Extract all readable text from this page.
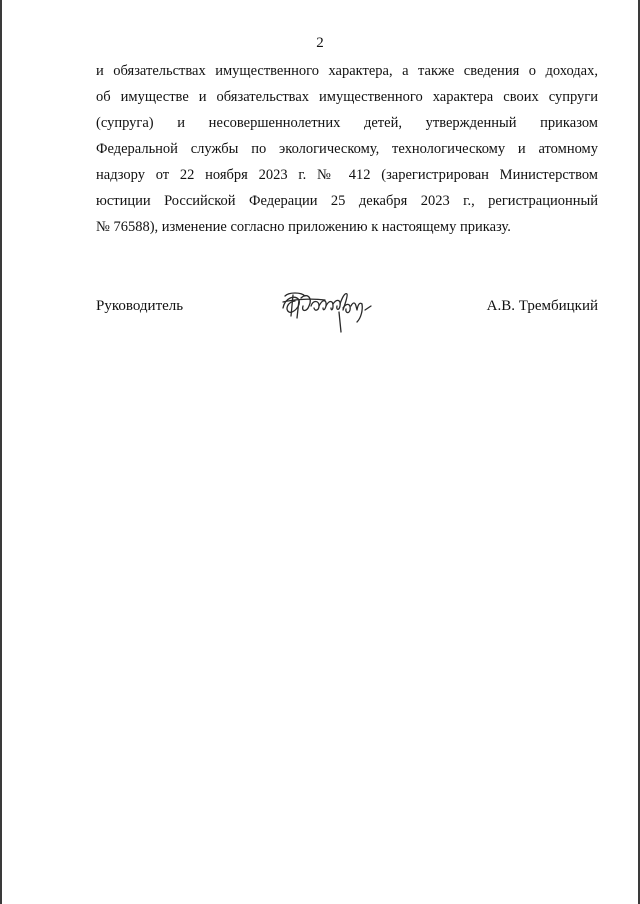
2
и обязательствах имущественного характера, а также сведения о доходах,
об имуществе и обязательствах имущественного характера своих супруги
(супруга) и несовершеннолетних детей, утвержденный приказом
Федеральной службы по экологическому, технологическому и атомному
надзору от 22 ноября 2023 г. № 412 (зарегистрирован Министерством
юстиции Российской Федерации 25 декабря 2023 г., регистрационный
№ 76588), изменение согласно приложению к настоящему приказу.
Руководитель	А.В. Трембицкий
